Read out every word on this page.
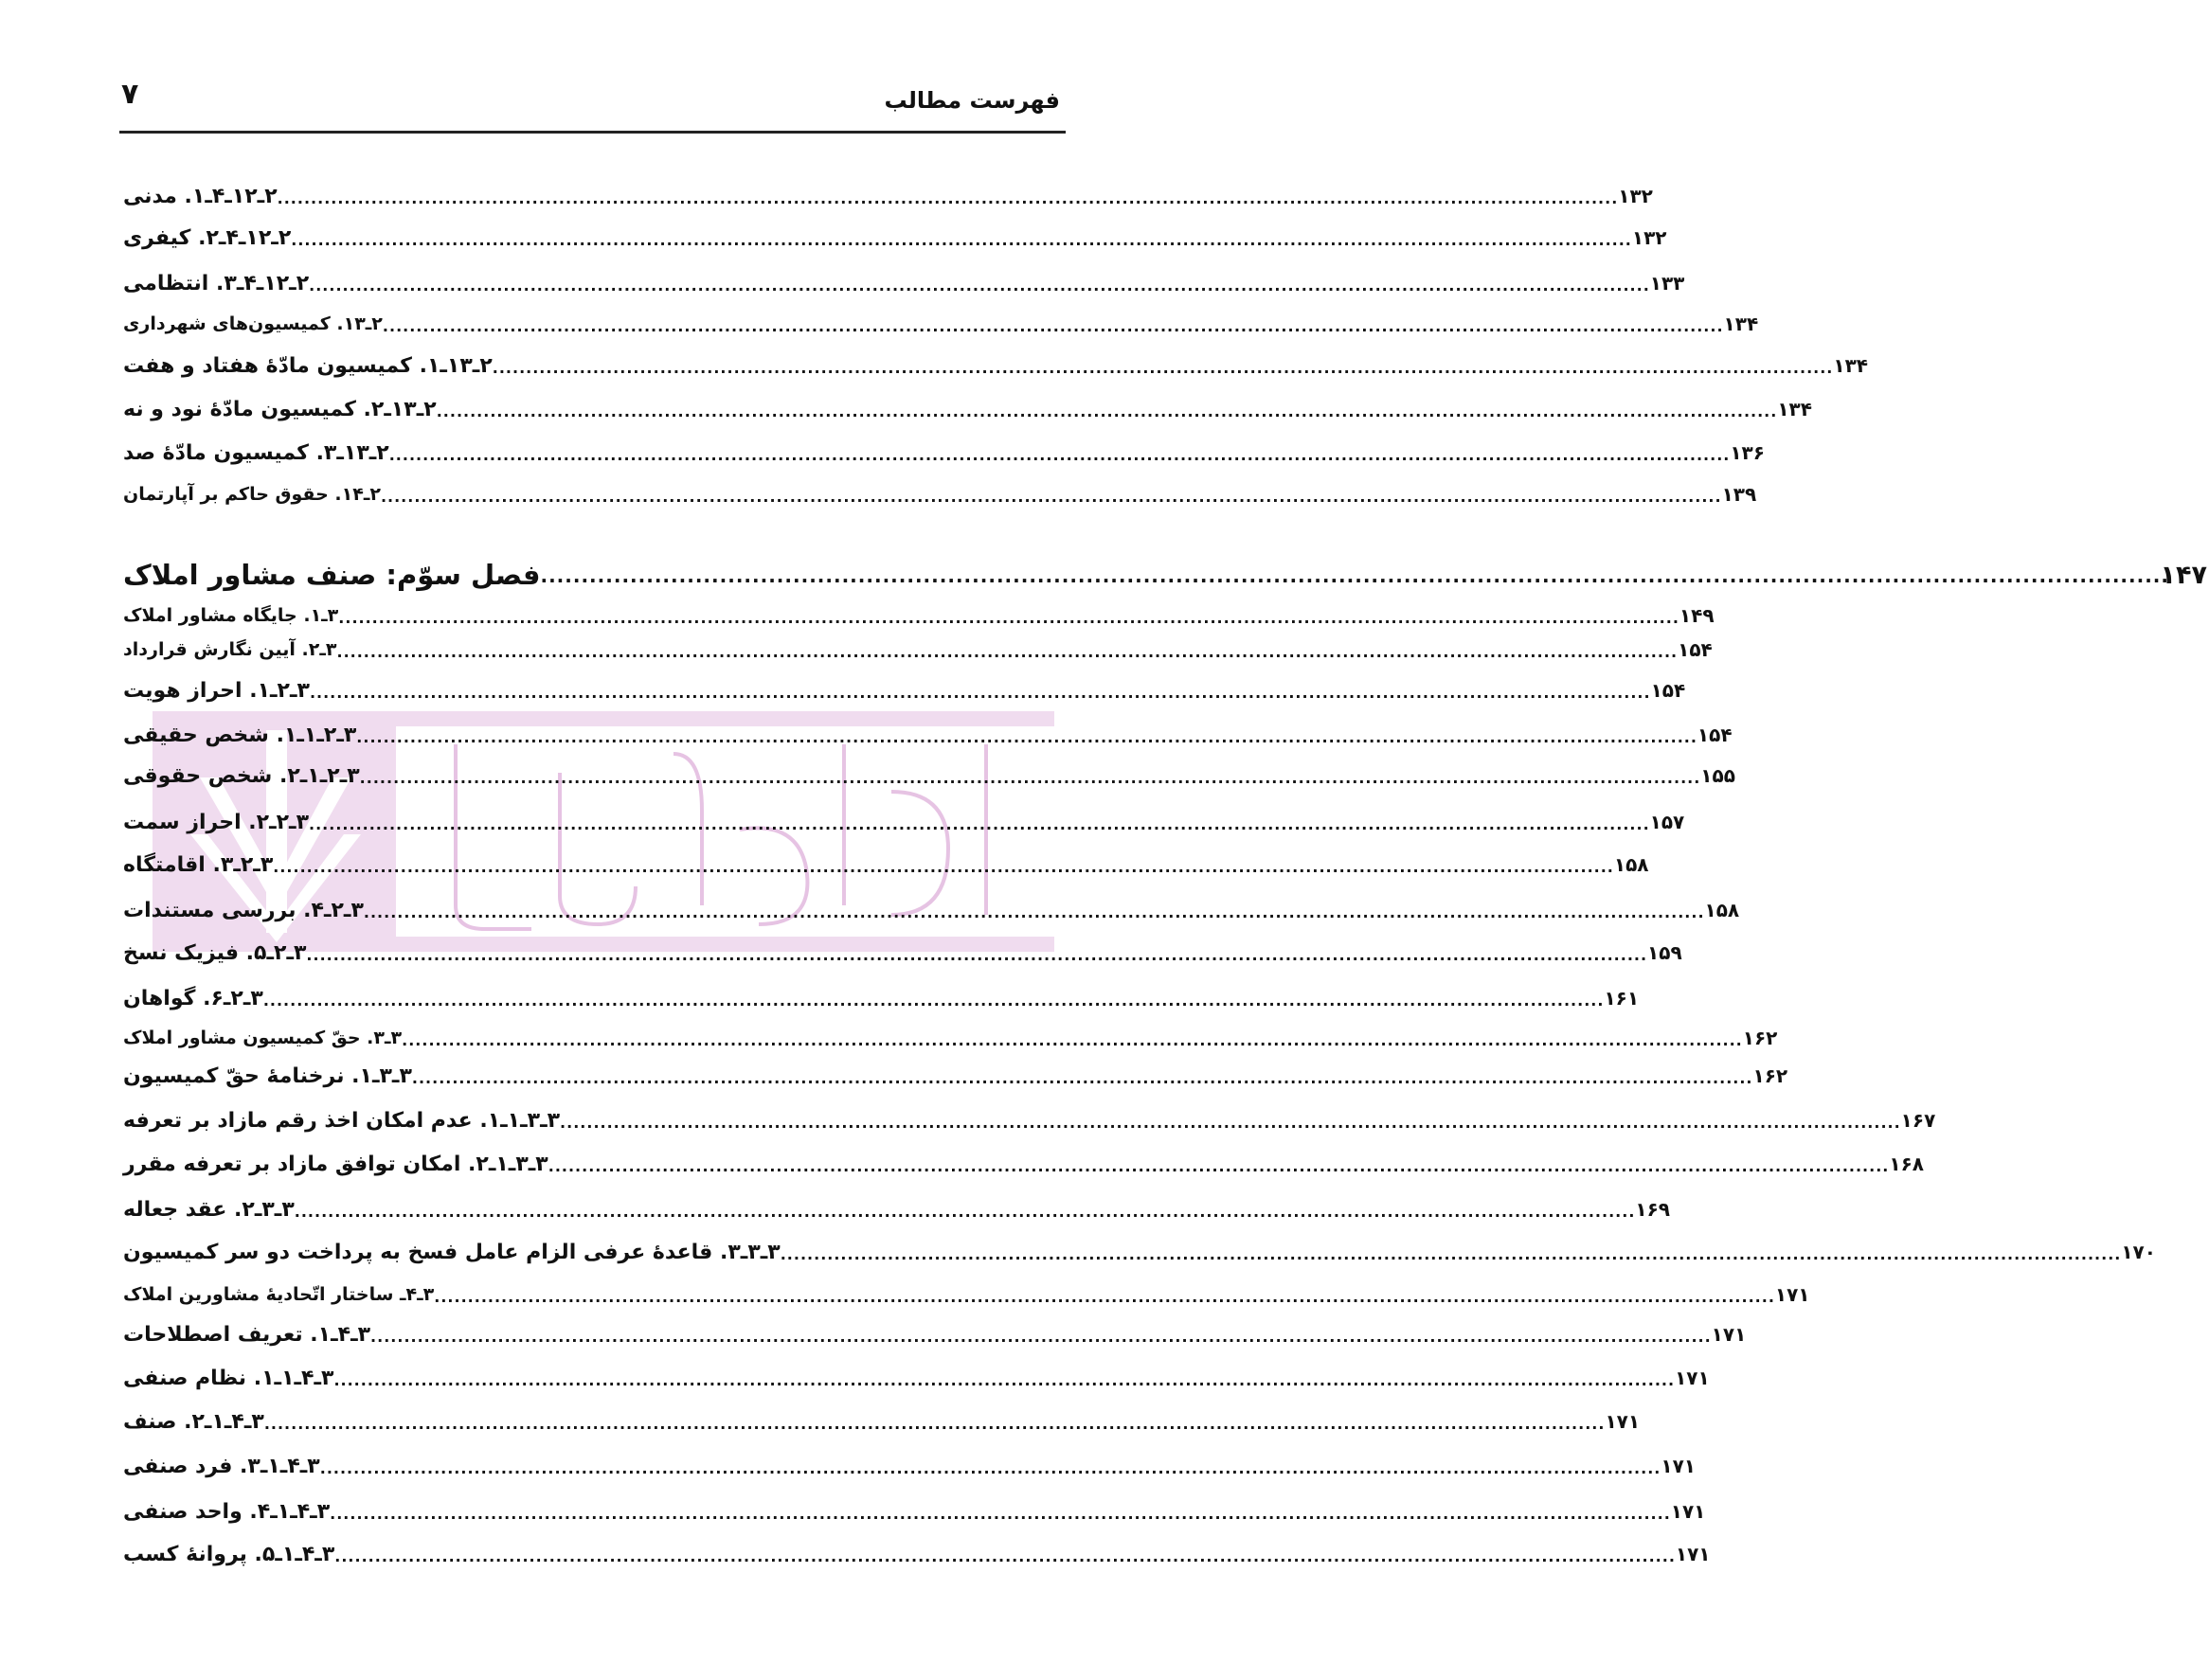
فهرست مطالب
۷
۲ـ۱۲ـ۴ـ۱. مدنی ........................................................................................................................................................................................................ ۱۳۲
۲ـ۱۲ـ۴ـ۲. کیفری ........................................................................................................................................................................................................ ۱۳۲
۲ـ۱۲ـ۴ـ۳. انتظامی ........................................................................................................................................................................................................ ۱۳۳
۲ـ۱۳. کمیسیون‌های شهرداری ........................................................................................................................................................................................................ ۱۳۴
۲ـ۱۳ـ۱. کمیسیون مادّهٔ هفتاد و هفت ........................................................................................................................................................................................................ ۱۳۴
۲ـ۱۳ـ۲. کمیسیون مادّهٔ نود و نه ........................................................................................................................................................................................................ ۱۳۴
۲ـ۱۳ـ۳. کمیسیون مادّهٔ صد ........................................................................................................................................................................................................ ۱۳۶
۲ـ۱۴. حقوق حاکم بر آپارتمان ........................................................................................................................................................................................................ ۱۳۹
فصل سوّم: صنف مشاور املاک ........................................................................................................................................................................................................
۱۴۷
۳ـ۱. جایگاه مشاور املاک ........................................................................................................................................................................................................ ۱۴۹
۳ـ۲. آیین نگارش قرارداد ........................................................................................................................................................................................................ ۱۵۴
۳ـ۲ـ۱. احراز هویت ........................................................................................................................................................................................................ ۱۵۴
۳ـ۲ـ۱ـ۱. شخص حقیقی ........................................................................................................................................................................................................ ۱۵۴
۳ـ۲ـ۱ـ۲. شخص حقوقی ........................................................................................................................................................................................................ ۱۵۵
۳ـ۲ـ۲. احراز سمت ........................................................................................................................................................................................................ ۱۵۷
۳ـ۲ـ۳. اقامتگاه ........................................................................................................................................................................................................ ۱۵۸
۳ـ۲ـ۴. بررسی مستندات ........................................................................................................................................................................................................ ۱۵۸
۳ـ۲ـ۵. فیزیک نسخ ........................................................................................................................................................................................................ ۱۵۹
۳ـ۲ـ۶. گواهان ........................................................................................................................................................................................................ ۱۶۱
۳ـ۳. حقّ کمیسیون مشاور املاک ........................................................................................................................................................................................................ ۱۶۲
۳ـ۳ـ۱. نرخنامهٔ حقّ کمیسیون ........................................................................................................................................................................................................ ۱۶۲
۳ـ۳ـ۱ـ۱. عدم امکان اخذ رقم مازاد بر تعرفه ........................................................................................................................................................................................................ ۱۶۷
۳ـ۳ـ۱ـ۲. امکان توافق مازاد بر تعرفه مقرر ........................................................................................................................................................................................................ ۱۶۸
۳ـ۳ـ۲. عقد جعاله ........................................................................................................................................................................................................ ۱۶۹
۳ـ۳ـ۳. قاعدهٔ عرفی الزام عامل فسخ به پرداخت دو سر کمیسیون ........................................................................................................................................................................................................ ۱۷۰
۳ـ۴ـ ساختار اتّحادیهٔ مشاورین املاک ........................................................................................................................................................................................................ ۱۷۱
۳ـ۴ـ۱. تعریف اصطلاحات ........................................................................................................................................................................................................ ۱۷۱
۳ـ۴ـ۱ـ۱. نظام صنفی ........................................................................................................................................................................................................ ۱۷۱
۳ـ۴ـ۱ـ۲. صنف ........................................................................................................................................................................................................ ۱۷۱
۳ـ۴ـ۱ـ۳. فرد صنفی ........................................................................................................................................................................................................ ۱۷۱
۳ـ۴ـ۱ـ۴. واحد صنفی ........................................................................................................................................................................................................ ۱۷۱
۳ـ۴ـ۱ـ۵. پروانهٔ کسب ........................................................................................................................................................................................................ ۱۷۱
